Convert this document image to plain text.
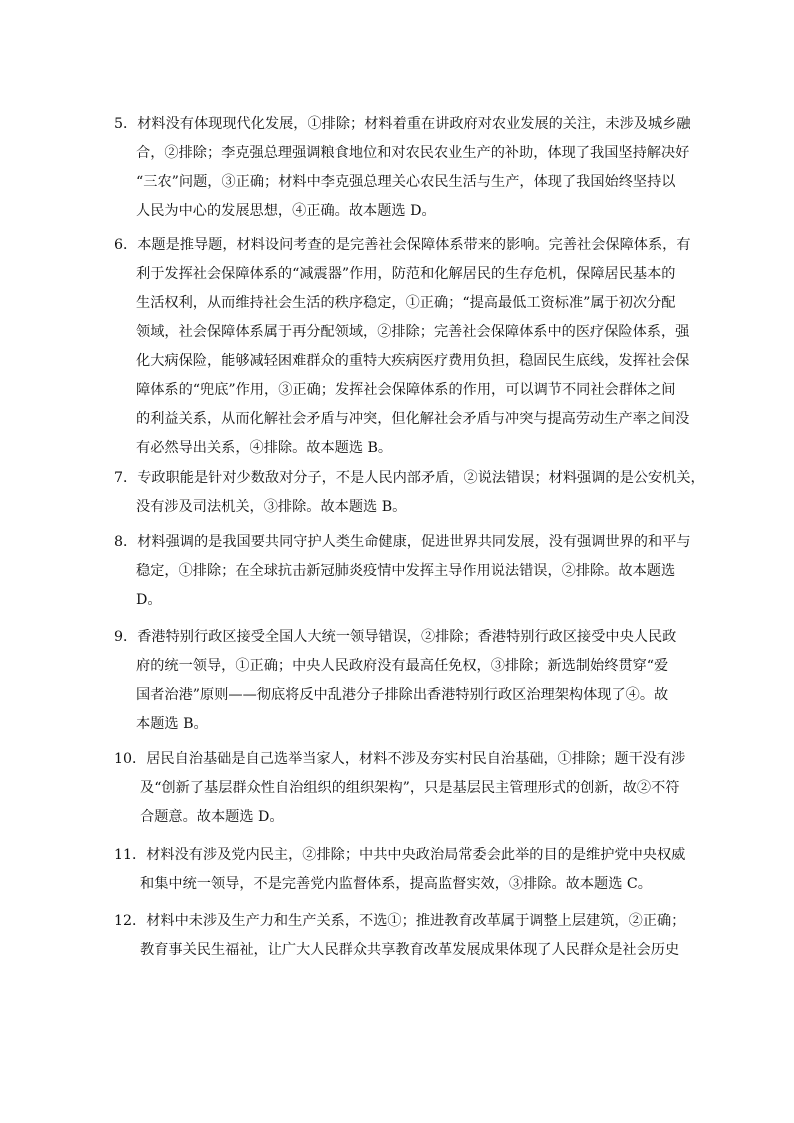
5．材料没有体现现代化发展，①排除；材料着重在讲政府对农业发展的关注，未涉及城乡融
合，②排除；李克强总理强调粮食地位和对农民农业生产的补助，体现了我国坚持解决好
“三农”问题，③正确；材料中李克强总理关心农民生活与生产，体现了我国始终坚持以
人民为中心的发展思想，④正确。故本题选 D。

6．本题是推导题，材料设问考查的是完善社会保障体系带来的影响。完善社会保障体系，有
利于发挥社会保障体系的“减震器”作用，防范和化解居民的生存危机，保障居民基本的
生活权利，从而维持社会生活的秩序稳定，①正确；“提高最低工资标准”属于初次分配
领域，社会保障体系属于再分配领域，②排除；完善社会保障体系中的医疗保险体系，强
化大病保险，能够减轻困难群众的重特大疾病医疗费用负担，稳固民生底线，发挥社会保
障体系的“兜底”作用，③正确；发挥社会保障体系的作用，可以调节不同社会群体之间
的利益关系，从而化解社会矛盾与冲突，但化解社会矛盾与冲突与提高劳动生产率之间没
有必然导出关系，④排除。故本题选 B。

7．专政职能是针对少数敌对分子，不是人民内部矛盾，②说法错误；材料强调的是公安机关，
没有涉及司法机关，③排除。故本题选 B。

8．材料强调的是我国要共同守护人类生命健康，促进世界共同发展，没有强调世界的和平与
稳定，①排除；在全球抗击新冠肺炎疫情中发挥主导作用说法错误，②排除。故本题选
D。

9．香港特别行政区接受全国人大统一领导错误，②排除；香港特别行政区接受中央人民政
府的统一领导，①正确；中央人民政府没有最高任免权，③排除；新选制始终贯穿“爱
国者治港”原则——彻底将反中乱港分子排除出香港特别行政区治理架构体现了④。故
本题选 B。

10．居民自治基础是自己选举当家人，材料不涉及夯实村民自治基础，①排除；题干没有涉
及“创新了基层群众性自治组织的组织架构”，只是基层民主管理形式的创新，故②不符
合题意。故本题选 D。

11．材料没有涉及党内民主，②排除；中共中央政治局常委会此举的目的是维护党中央权威
和集中统一领导，不是完善党内监督体系，提高监督实效，③排除。故本题选 C。

12．材料中未涉及生产力和生产关系，不选①；推进教育改革属于调整上层建筑，②正确；
教育事关民生福祉，让广大人民群众共享教育改革发展成果体现了人民群众是社会历史
